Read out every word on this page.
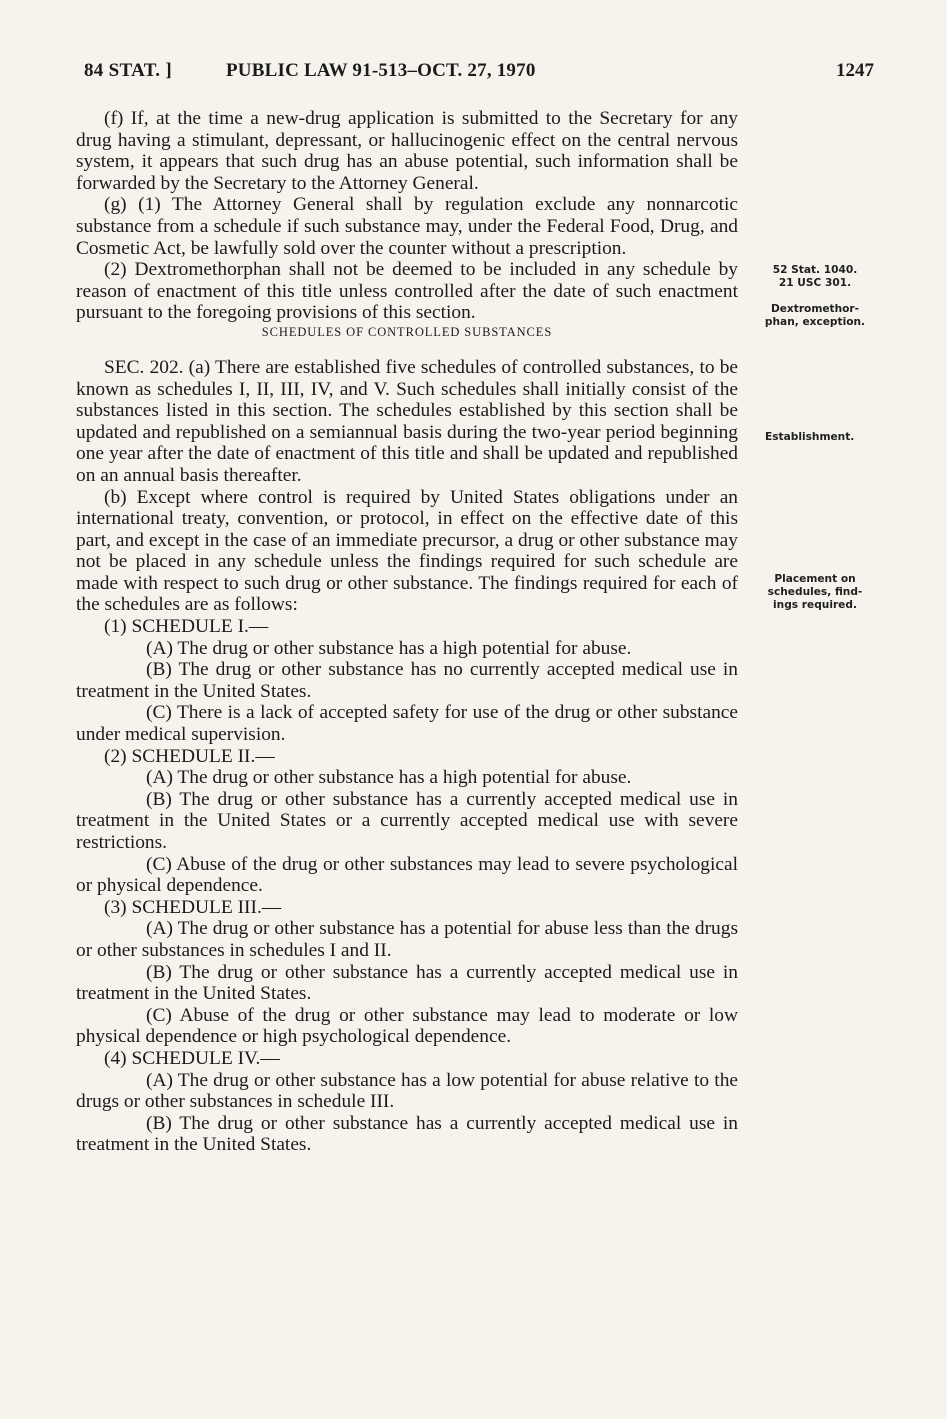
84 STAT. ]	PUBLIC LAW 91-513–OCT. 27, 1970	1247
52 Stat. 1040.
21 USC 301.
Dextromethor-
phan, exception.
Establishment.
Placement on
schedules, find-
ings required.

(f) If, at the time a new-drug application is submitted to the Secretary for any drug having a stimulant, depressant, or hallucinogenic effect on the central nervous system, it appears that such drug has an abuse potential, such information shall be forwarded by the Secretary to the Attorney General.

(g) (1) The Attorney General shall by regulation exclude any nonnarcotic substance from a schedule if such substance may, under the Federal Food, Drug, and Cosmetic Act, be lawfully sold over the counter without a prescription.

(2) Dextromethorphan shall not be deemed to be included in any schedule by reason of enactment of this title unless controlled after the date of such enactment pursuant to the foregoing provisions of this section.

SCHEDULES OF CONTROLLED SUBSTANCES

SEC. 202. (a) There are established five schedules of controlled substances, to be known as schedules I, II, III, IV, and V. Such schedules shall initially consist of the substances listed in this section. The schedules established by this section shall be updated and republished on a semiannual basis during the two-year period beginning one year after the date of enactment of this title and shall be updated and republished on an annual basis thereafter.

(b) Except where control is required by United States obligations under an international treaty, convention, or protocol, in effect on the effective date of this part, and except in the case of an immediate precursor, a drug or other substance may not be placed in any schedule unless the findings required for such schedule are made with respect to such drug or other substance. The findings required for each of the schedules are as follows:

(1) SCHEDULE I.—

(A) The drug or other substance has a high potential for abuse.

(B) The drug or other substance has no currently accepted medical use in treatment in the United States.

(C) There is a lack of accepted safety for use of the drug or other substance under medical supervision.

(2) SCHEDULE II.—

(A) The drug or other substance has a high potential for abuse.

(B) The drug or other substance has a currently accepted medical use in treatment in the United States or a currently accepted medical use with severe restrictions.

(C) Abuse of the drug or other substances may lead to severe psychological or physical dependence.

(3) SCHEDULE III.—

(A) The drug or other substance has a potential for abuse less than the drugs or other substances in schedules I and II.

(B) The drug or other substance has a currently accepted medical use in treatment in the United States.

(C) Abuse of the drug or other substance may lead to moderate or low physical dependence or high psychological dependence.

(4) SCHEDULE IV.—

(A) The drug or other substance has a low potential for abuse relative to the drugs or other substances in schedule III.

(B) The drug or other substance has a currently accepted medical use in treatment in the United States.
